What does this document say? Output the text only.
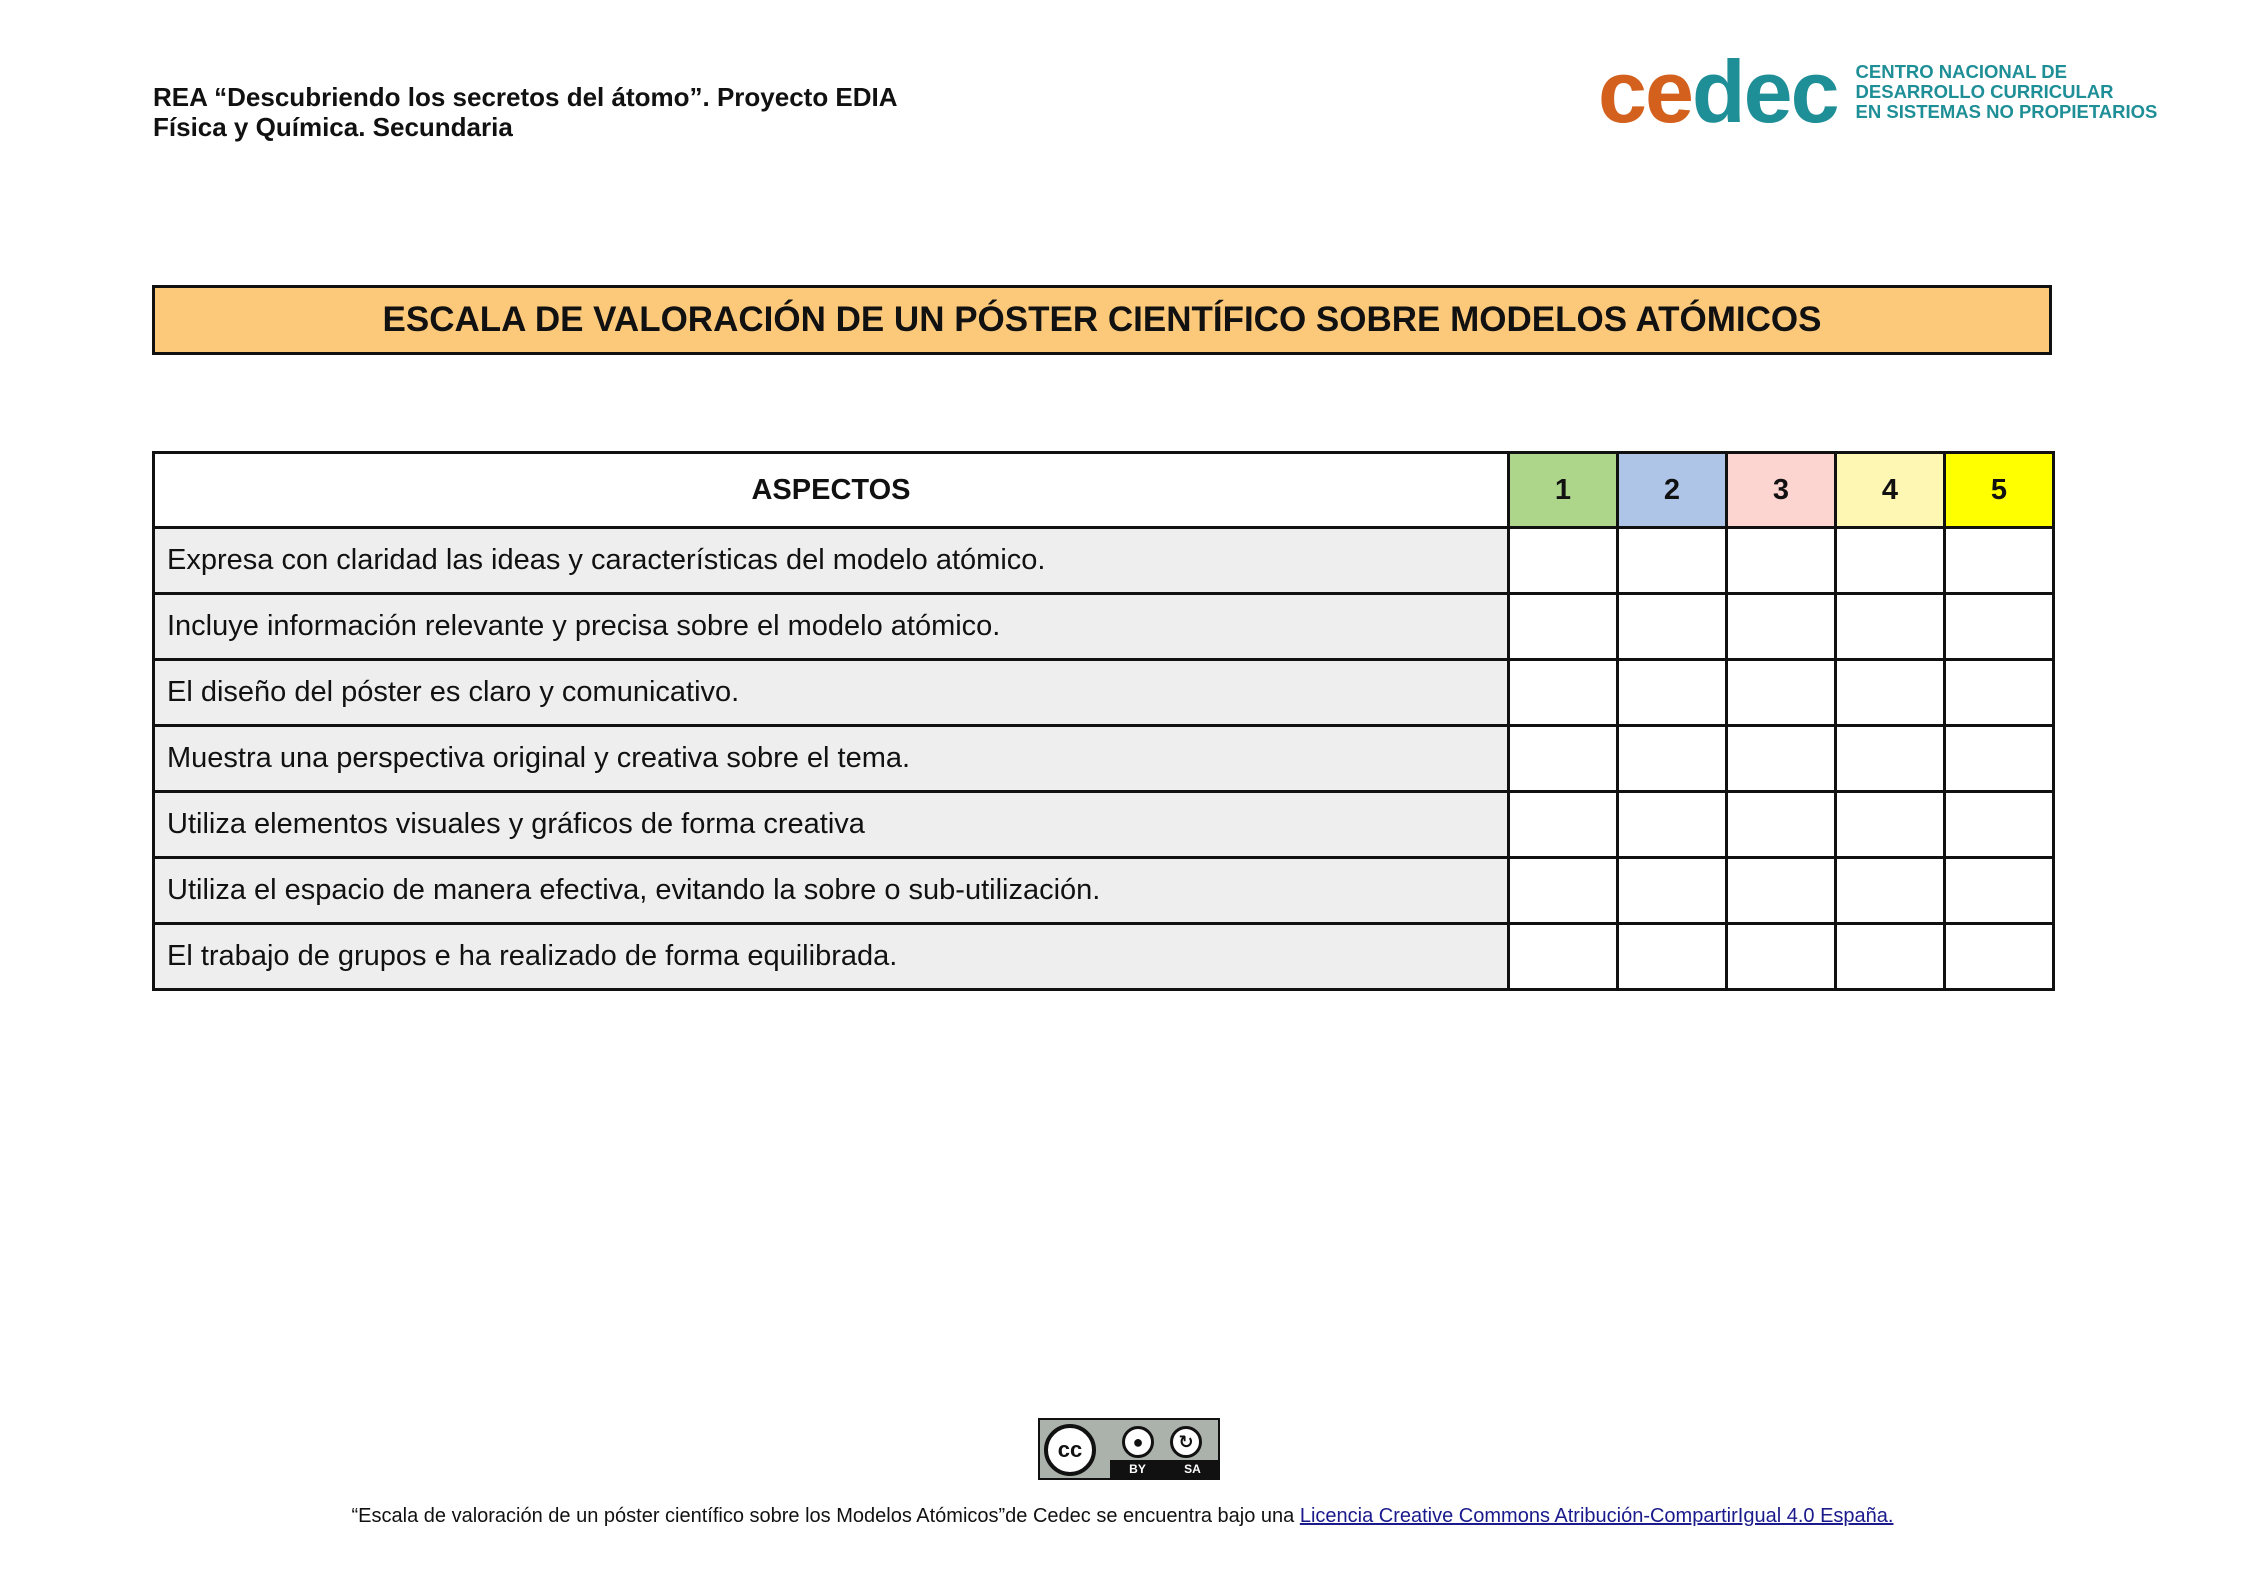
REA “Descubriendo los secretos del átomo”. Proyecto EDIA
Física y Química. Secundaria	cedec CENTRO NACIONAL DE
DESARROLLO CURRICULAR
EN SISTEMAS NO PROPIETARIOS
ESCALA DE VALORACIÓN DE UN PÓSTER CIENTÍFICO SOBRE MODELOS ATÓMICOS
ASPECTOS	1	2	3	4	5
Expresa con claridad las ideas y características del modelo atómico.					
Incluye información relevante y precisa sobre el modelo atómico.					
El diseño del póster es claro y comunicativo.					
Muestra una perspectiva original y creativa sobre el tema.					
Utiliza elementos visuales y gráficos de forma creativa					
Utiliza el espacio de manera efectiva, evitando la sobre o sub-utilización.					
El trabajo de grupos e ha realizado de forma equilibrada.					
cc	●	↻
BY	SA
“Escala de valoración de un póster científico sobre los Modelos Atómicos”de Cedec se encuentra bajo una Licencia Creative Commons Atribución-CompartirIgual 4.0 España.
